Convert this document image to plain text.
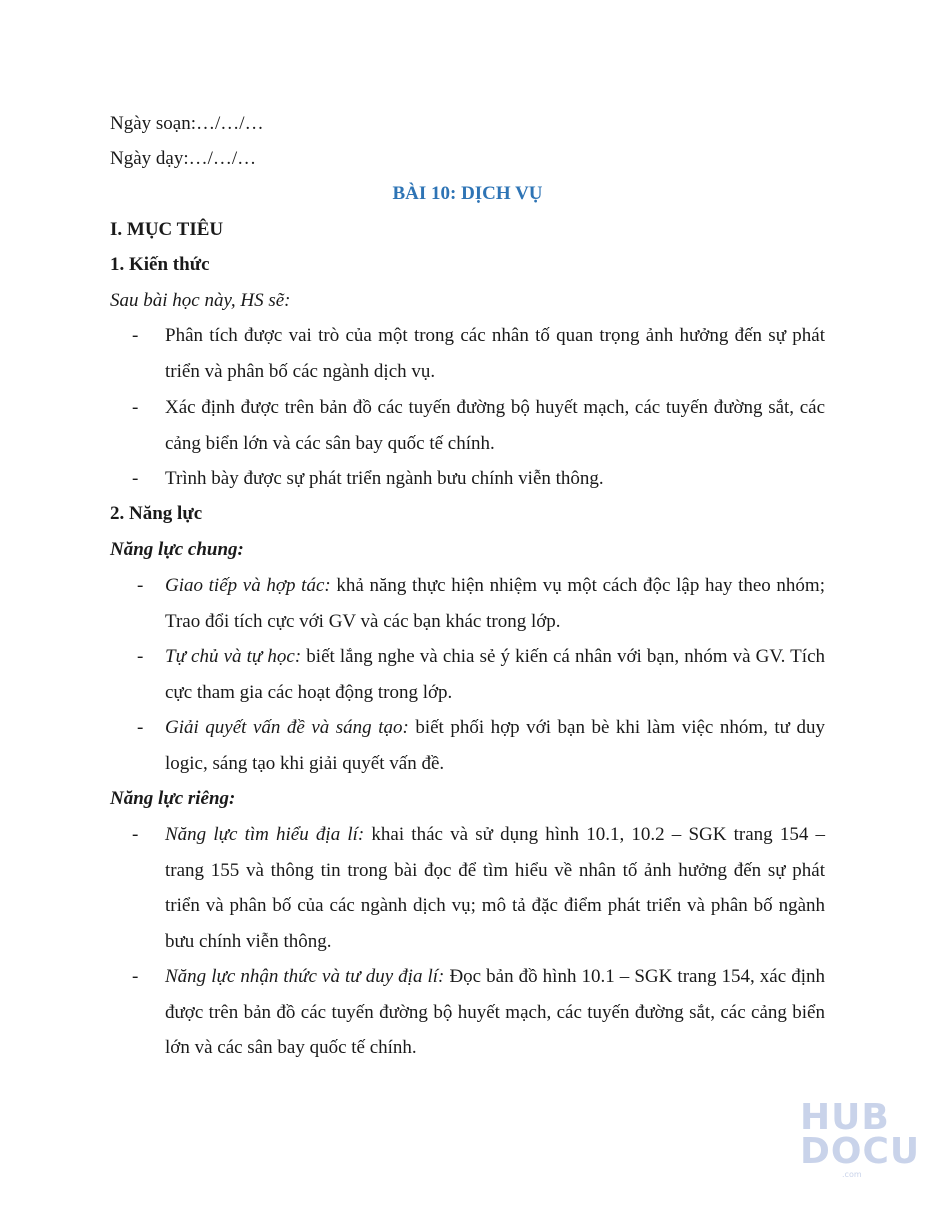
Ngày soạn:…/…/…
Ngày dạy:…/…/…
BÀI 10: DỊCH VỤ
I. MỤC TIÊU
1. Kiến thức
Sau bài học này, HS sẽ:
- Phân tích được vai trò của một trong các nhân tố quan trọng ảnh hưởng đến sự phát triển và phân bố các ngành dịch vụ.
- Xác định được trên bản đồ các tuyến đường bộ huyết mạch, các tuyến đường sắt, các cảng biển lớn và các sân bay quốc tế chính.
- Trình bày được sự phát triển ngành bưu chính viễn thông.
2. Năng lực
Năng lực chung:
- Giao tiếp và hợp tác: khả năng thực hiện nhiệm vụ một cách độc lập hay theo nhóm; Trao đổi tích cực với GV và các bạn khác trong lớp.
- Tự chủ và tự học: biết lắng nghe và chia sẻ ý kiến cá nhân với bạn, nhóm và GV. Tích cực tham gia các hoạt động trong lớp.
- Giải quyết vấn đề và sáng tạo: biết phối hợp với bạn bè khi làm việc nhóm, tư duy logic, sáng tạo khi giải quyết vấn đề.
Năng lực riêng:
- Năng lực tìm hiểu địa lí: khai thác và sử dụng hình 10.1, 10.2 – SGK trang 154 – trang 155 và thông tin trong bài đọc để tìm hiểu về nhân tố ảnh hưởng đến sự phát triển và phân bố của các ngành dịch vụ; mô tả đặc điểm phát triển và phân bố ngành bưu chính viễn thông.
- Năng lực nhận thức và tư duy địa lí: Đọc bản đồ hình 10.1 – SGK trang 154, xác định được trên bản đồ các tuyến đường bộ huyết mạch, các tuyến đường sắt, các cảng biển lớn và các sân bay quốc tế chính.
HUB
DOCU
.com
